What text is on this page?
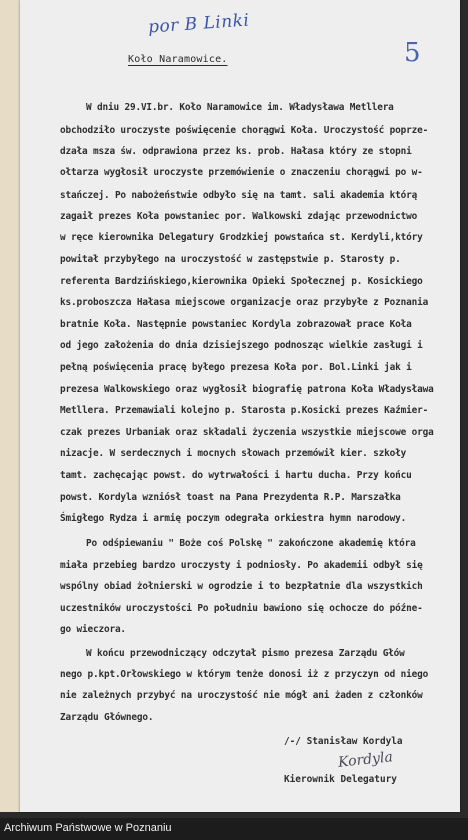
por B Linki
5
Koło Naramowice.
W dniu 29.VI.br. Koło Naramowice im. Władysława Metllera
obchodziło uroczyste poświęcenie chorągwi Koła. Uroczystość poprze-
dzała msza św. odprawiona przez ks. prob. Hałasa który ze stopni
ołtarza wygłosił uroczyste przemówienie o znaczeniu chorągwi po w-
stańczej. Po nabożeństwie odbyło się na tamt. sali akademia którą
zagaił prezes Koła powstaniec por. Walkowski zdając przewodnictwo
w ręce kierownika Delegatury Grodzkiej powstańca st. Kerdyli,który
powitał przybyłego na uroczystość w zastępstwie p. Starosty p.
referenta Bardzińskiego,kierownika Opieki Społecznej p. Kosickiego
ks.proboszcza Hałasa miejscowe organizacje oraz przybyłe z Poznania
bratnie Koła. Następnie powstaniec Kordyla zobrazował prace Koła
od jego założenia do dnia dzisiejszego podnosząc wielkie zasługi i
pełną poświęcenia pracę byłego prezesa Koła por. Bol.Linki jak i
prezesa Walkowskiego oraz wygłosił biografię patrona Koła Władysława
Metllera. Przemawiali kolejno p. Starosta p.Kosicki prezes Kaźmier-
czak prezes Urbaniak oraz składali życzenia wszystkie miejscowe orga
nizacje. W serdecznych i mocnych słowach przemówił kier. szkoły
tamt. zachęcając powst. do wytrwałości i hartu ducha. Przy końcu
powst. Kordyla wzniósł toast na Pana Prezydenta R.P. Marszałka
Śmigłego Rydza i armię poczym odegrała orkiestra hymn narodowy.
Po odśpiewaniu " Boże coś Polskę " zakończone akademię która
miała przebieg bardzo uroczysty i podniosły. Po akademii odbył się
wspólny obiad żołnierski w ogrodzie i to bezpłatnie dla wszystkich
uczestników uroczystości Po południu bawiono się ochocze do późne-
go wieczora.
W końcu przewodniczący odczytał pismo prezesa Zarządu Głów
nego p.kpt.Orłowskiego w którym tenże donosi iż z przyczyn od niego
nie zależnych przybyć na uroczystość nie mógł ani żaden z członków
Zarządu Głównego.
/-/ Stanisław Kordyla
Kordyla
Kierownik Delegatury
Archiwum Państwowe w Poznaniu
